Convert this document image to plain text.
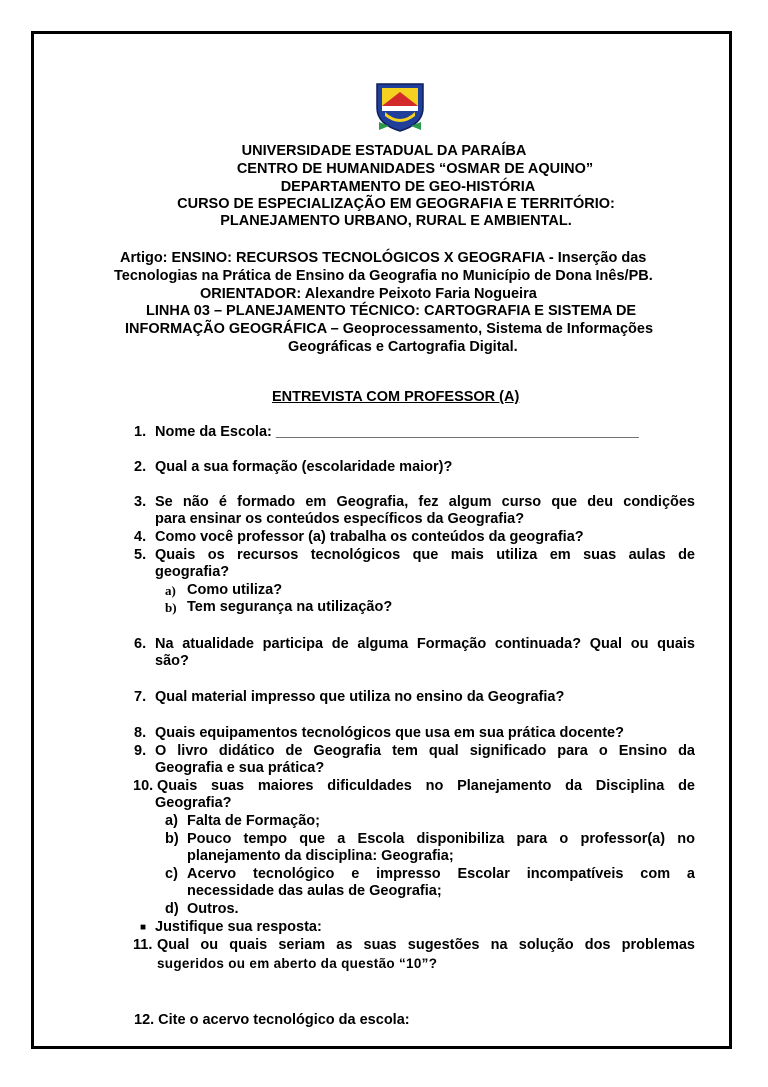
UNIVERSIDADE ESTADUAL DA PARAÍBA
CENTRO DE HUMANIDADES “OSMAR DE AQUINO”
DEPARTAMENTO DE GEO-HISTÓRIA
CURSO DE ESPECIALIZAÇÃO EM GEOGRAFIA E TERRITÓRIO:
PLANEJAMENTO URBANO, RURAL E AMBIENTAL.
Artigo: ENSINO: RECURSOS TECNOLÓGICOS X GEOGRAFIA - Inserção das
Tecnologias na Prática de Ensino da Geografia no Município de Dona Inês/PB.
ORIENTADOR: Alexandre Peixoto Faria Nogueira
LINHA 03 – PLANEJAMENTO TÉCNICO: CARTOGRAFIA E SISTEMA DE
INFORMAÇÃO GEOGRÁFICA – Geoprocessamento, Sistema de Informações
Geográficas e Cartografia Digital.
ENTREVISTA COM PROFESSOR (A)
1. Nome da Escola: _____________________________________________
2. Qual a sua formação (escolaridade maior)?
3. Se não é formado em Geografia, fez algum curso que deu condições
para ensinar os conteúdos específicos da Geografia?
4. Como você professor (a) trabalha os conteúdos da geografia?
5. Quais os recursos tecnológicos que mais utiliza em suas aulas de
geografia?
a) Como utiliza?
b) Tem segurança na utilização?
6. Na atualidade participa de alguma Formação continuada? Qual ou quais
são?
7. Qual material impresso que utiliza no ensino da Geografia?
8. Quais equipamentos tecnológicos que usa em sua prática docente?
9. O livro didático de Geografia tem qual significado para o Ensino da
Geografia e sua prática?
10. Quais suas maiores dificuldades no Planejamento da Disciplina de
Geografia?
a) Falta de Formação;
b) Pouco tempo que a Escola disponibiliza para o professor(a) no
planejamento da disciplina: Geografia;
c) Acervo tecnológico e impresso Escolar incompatíveis com a
necessidade das aulas de Geografia;
d) Outros.
■ Justifique sua resposta:
11. Qual ou quais seriam as suas sugestões na solução dos problemas
sugeridos ou em aberto da questão “10”?
12. Cite o acervo tecnológico da escola:
